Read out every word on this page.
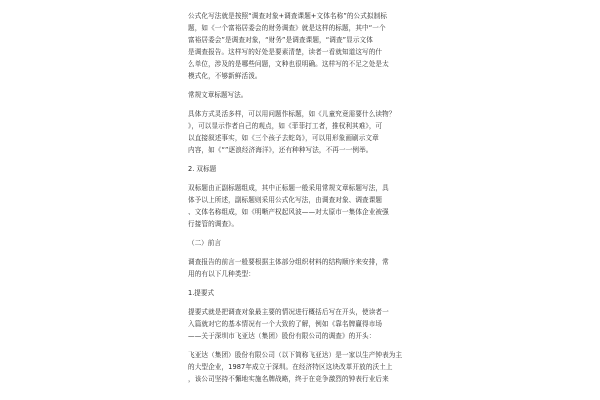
公式化写法就是按照“调查对象+调查课题+文体名称”的公式拟制标
题，如《一个富裕居委会的财务调查》就是这样的标题，其中“一个
富裕居委会”是调查对象，“财务”是调查课题，“调查”显示文体
是调查报告。这样写的好处是要素清楚，读者一看就知道这写的什
么单位，涉及的是哪些问题，文种也很明确。这样写的不足之处是太
模式化，不够新鲜活泼。

常规文章标题写法。

具体方式灵活多样，可以用问题作标题，如《儿童究竟需要什么读物？
》，可以显示作者自己的观点，如《菲菲打工者，推权利其难》，可
以直接叙述事实，如《三个孩子去蛇岛》，可以用形象画刷示文章
内容，如《“”逐浪经济海洋》，还有种种写法，不再一一例举。

2. 双标题

双标题由正副标题组成，其中正标题一般采用常规文章标题写法，具
体予以上所述，副标题则采用公式化写法，由调查对象、调查课题
、文体名称组成，如《明晰产权起风波——对太原市一集体企业被强
行接管的调查》。

（二）前言

调查报告的前言一般要根据主体部分组织材料的结构顺序来安排，常
用的有以下几种类型：

1.提要式

提要式就是把调查对象最主要的情况进行概括后写在开头，使读者一
入篇就对它的基本情况有一个大致的了解，例如《靠名牌赢得市场
——关于深圳市飞亚达（集团）股份有限公司的调查》的开头：

飞亚达（集团）股份有限公司（以下简称飞亚达）是一家以生产钟表为主
的大型企业，1987年成立于深圳。在经济特区这块改革开放的沃土上
，该公司坚持不懈地实施名牌战略，终于在竞争激烈的钟表行业后来
